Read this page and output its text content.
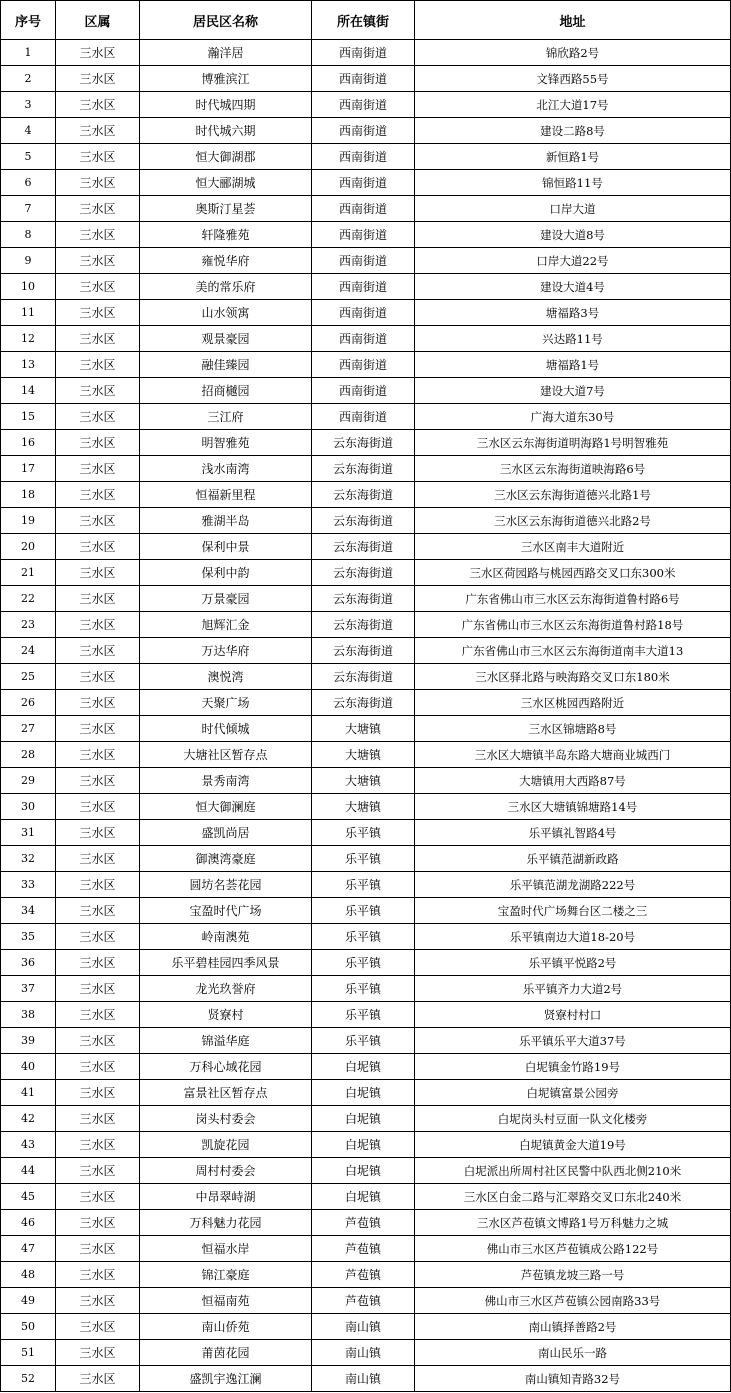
序号	区属	居民区名称	所在镇街	地址
1	三水区	瀚洋居	西南街道	锦欣路2号
2	三水区	博雅滨江	西南街道	文锋西路55号
3	三水区	时代城四期	西南街道	北江大道17号
4	三水区	时代城六期	西南街道	建设二路8号
5	三水区	恒大御湖郡	西南街道	新恒路1号
6	三水区	恒大郦湖城	西南街道	锦恒路11号
7	三水区	奥斯汀星荟	西南街道	口岸大道
8	三水区	轩隆雅苑	西南街道	建设大道8号
9	三水区	雍悦华府	西南街道	口岸大道22号
10	三水区	美的常乐府	西南街道	建设大道4号
11	三水区	山水领寓	西南街道	塘福路3号
12	三水区	观景豪园	西南街道	兴达路11号
13	三水区	融佳臻园	西南街道	塘福路1号
14	三水区	招商樾园	西南街道	建设大道7号
15	三水区	三江府	西南街道	广海大道东30号
16	三水区	明智雅苑	云东海街道	三水区云东海街道明海路1号明智雅苑
17	三水区	浅水南湾	云东海街道	三水区云东海街道映海路6号
18	三水区	恒福新里程	云东海街道	三水区云东海街道德兴北路1号
19	三水区	雅湖半岛	云东海街道	三水区云东海街道德兴北路2号
20	三水区	保利中景	云东海街道	三水区南丰大道附近
21	三水区	保利中韵	云东海街道	三水区荷园路与桃园西路交叉口东300米
22	三水区	万景豪园	云东海街道	广东省佛山市三水区云东海街道鲁村路6号
23	三水区	旭辉汇金	云东海街道	广东省佛山市三水区云东海街道鲁村路18号
24	三水区	万达华府	云东海街道	广东省佛山市三水区云东海街道南丰大道13
25	三水区	澳悦湾	云东海街道	三水区驿北路与映海路交叉口东180米
26	三水区	天聚广场	云东海街道	三水区桃园西路附近
27	三水区	时代倾城	大塘镇	三水区锦塘路8号
28	三水区	大塘社区暂存点	大塘镇	三水区大塘镇半岛东路大塘商业城西门
29	三水区	景秀南湾	大塘镇	大塘镇用大西路87号
30	三水区	恒大御澜庭	大塘镇	三水区大塘镇锦塘路14号
31	三水区	盛凯尚居	乐平镇	乐平镇礼智路4号
32	三水区	御澳湾豪庭	乐平镇	乐平镇范湖新政路
33	三水区	圆坊名荟花园	乐平镇	乐平镇范湖龙湖路222号
34	三水区	宝盈时代广场	乐平镇	宝盈时代广场舞台区二楼之三
35	三水区	岭南澳苑	乐平镇	乐平镇南边大道18-20号
36	三水区	乐平碧桂园四季风景	乐平镇	乐平镇平悦路2号
37	三水区	龙光玖誉府	乐平镇	乐平镇齐力大道2号
38	三水区	贤寮村	乐平镇	贤寮村村口
39	三水区	锦溢华庭	乐平镇	乐平镇乐平大道37号
40	三水区	万科心域花园	白坭镇	白坭镇金竹路19号
41	三水区	富景社区暂存点	白坭镇	白坭镇富景公园旁
42	三水区	岗头村委会	白坭镇	白坭岗头村豆面一队文化楼旁
43	三水区	凯旋花园	白坭镇	白坭镇黄金大道19号
44	三水区	周村村委会	白坭镇	白坭派出所周村社区民警中队西北侧210米
45	三水区	中昂翠峙湖	白坭镇	三水区白金二路与汇翠路交叉口东北240米
46	三水区	万科魅力花园	芦苞镇	三水区芦苞镇文博路1号万科魅力之城
47	三水区	恒福水岸	芦苞镇	佛山市三水区芦苞镇成公路122号
48	三水区	锦江豪庭	芦苞镇	芦苞镇龙坡三路一号
49	三水区	恒福南苑	芦苞镇	佛山市三水区芦苞镇公园南路33号
50	三水区	南山侨苑	南山镇	南山镇择善路2号
51	三水区	莆茵花园	南山镇	南山民乐一路
52	三水区	盛凯宇逸江澜	南山镇	南山镇知青路32号
